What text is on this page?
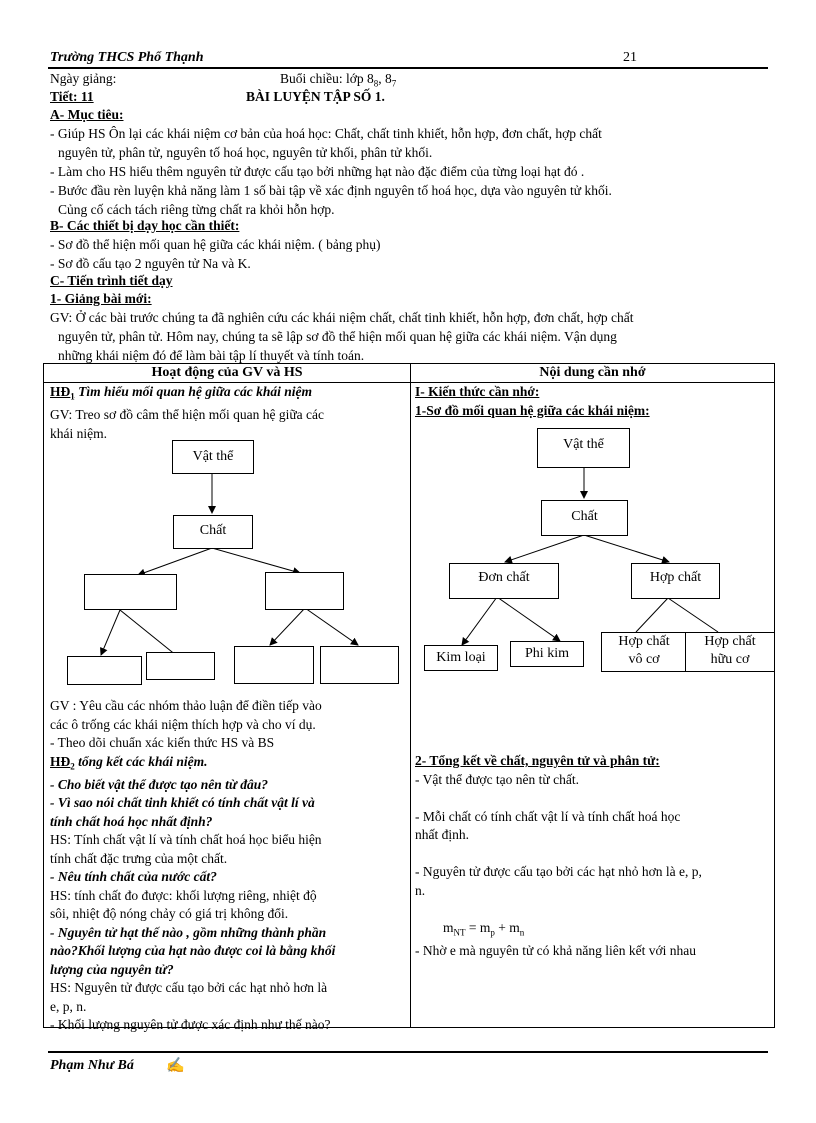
Trường THCS Phổ Thạnh	21
Ngày giảng:	Buổi chiều: lớp $8_8$, $8_7$
Tiết: 11	BÀI LUYỆN TẬP SỐ 1.
A- Mục tiêu:
- Giúp HS Ôn lại các khái niệm cơ bản của hoá học: Chất, chất tinh khiết, hỗn hợp, đơn chất, hợp chất
nguyên tử, phân tử, nguyên tố hoá học, nguyên tử khối, phân tử khối.
- Làm cho HS hiểu thêm nguyên tử được cấu tạo bởi những hạt nào đặc điểm của từng loại hạt đó .
- Bước đầu rèn luyện khả năng làm 1 số bài tập về xác định nguyên tố hoá học, dựa vào nguyên tử khối.
Củng cố cách tách riêng từng chất ra khỏi hỗn hợp.
B- Các thiết bị dạy học cần thiết:
- Sơ đồ thể hiện mối quan hệ giữa các khái niệm. ( bảng phụ)
- Sơ đồ cấu tạo 2 nguyên tử Na và K.
C- Tiến trình tiết dạy
1- Giảng bài mới:
GV: Ở các bài trước chúng ta đã nghiên cứu các khái niệm chất, chất tinh khiết, hỗn hợp, đơn chất, hợp chất
nguyên tử, phân tử. Hôm nay, chúng ta sẽ lập sơ đồ thể hiện mối quan hệ giữa các khái niệm. Vận dụng
những khái niệm đó để làm bài tập lí thuyết và tính toán.
Hoạt động của GV và HS	Nội dung cần nhớ

$HĐ_1$ Tìm hiểu mối quan hệ giữa các khái niệm
GV: Treo sơ đồ câm thể hiện mối quan hệ giữa các
khái niệm.
Vật thể
Chất
GV : Yêu cầu các nhóm thảo luận để điền tiếp vào
các ô trống các khái niệm thích hợp và cho ví dụ.
- Theo dõi chuẩn xác kiến thức HS và BS
$HĐ_2$ tổng kết các khái niệm.
- Cho biết vật thể được tạo nên từ đâu?
- Vì sao nói chất tinh khiết có tính chất vật lí và
tính chất hoá học nhất định?
HS: Tính chất vật lí và tính chất hoá học biểu hiện
tính chất đặc trưng của một chất.
- Nêu tính chất của nước cất?
HS: tính chất đo được: khối lượng riêng, nhiệt độ
sôi, nhiệt độ nóng chảy có giá trị không đổi.
- Nguyên tử hạt thế nào , gồm những thành phần
nào?Khối lượng của hạt nào được coi là bằng khối
lượng của nguyên tử?
HS: Nguyên tử được cấu tạo bởi các hạt nhỏ hơn là
e, p, n.
- Khối lượng nguyên tử được xác định như thế nào?
I- Kiến thức cần nhớ:
1-Sơ đồ mối quan hệ giữa các khái niệm:
Vật thể
Chất
Đơn chất	Hợp chất
Kim loại	Phi kim
Hợp chất
vô cơ
Hợp chất
hữu cơ
2- Tổng kết về chất, nguyên tử và phân tử:
- Vật thể được tạo nên từ chất.
- Mỗi chất có tính chất vật lí và tính chất hoá học
nhất định.
- Nguyên tử được cấu tạo bởi các hạt nhỏ hơn là e, p,
n.
$m_{NT} = m_p + m_n$
- Nhờ e mà nguyên tử có khả năng liên kết với nhau
Phạm Như Bá ✍
